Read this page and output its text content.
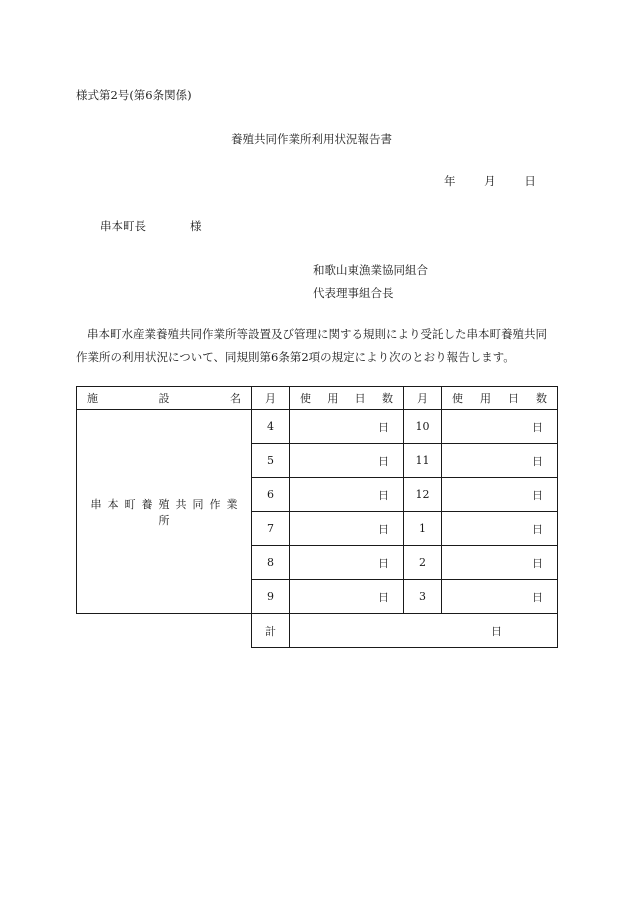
様式第2号(第6条関係)
養殖共同作業所利用状況報告書
年 月 日
串本町長	様
和歌山東漁業協同組合
代表理事組合長
串本町水産業養殖共同作業所等設置及び管理に関する規則により受託した串本町養殖共同作業所の利用状況について、同規則第6条第2項の規定により次のとおり報告します。
施 設 名	月	使 用 日 数	月	使 用 日 数

串本町養殖共同作業所	4	日	10	日
	5	日	11	日
	6	日	12	日
	7	日	1	日
	8	日	2	日
	9	日	3	日
	計	日		
